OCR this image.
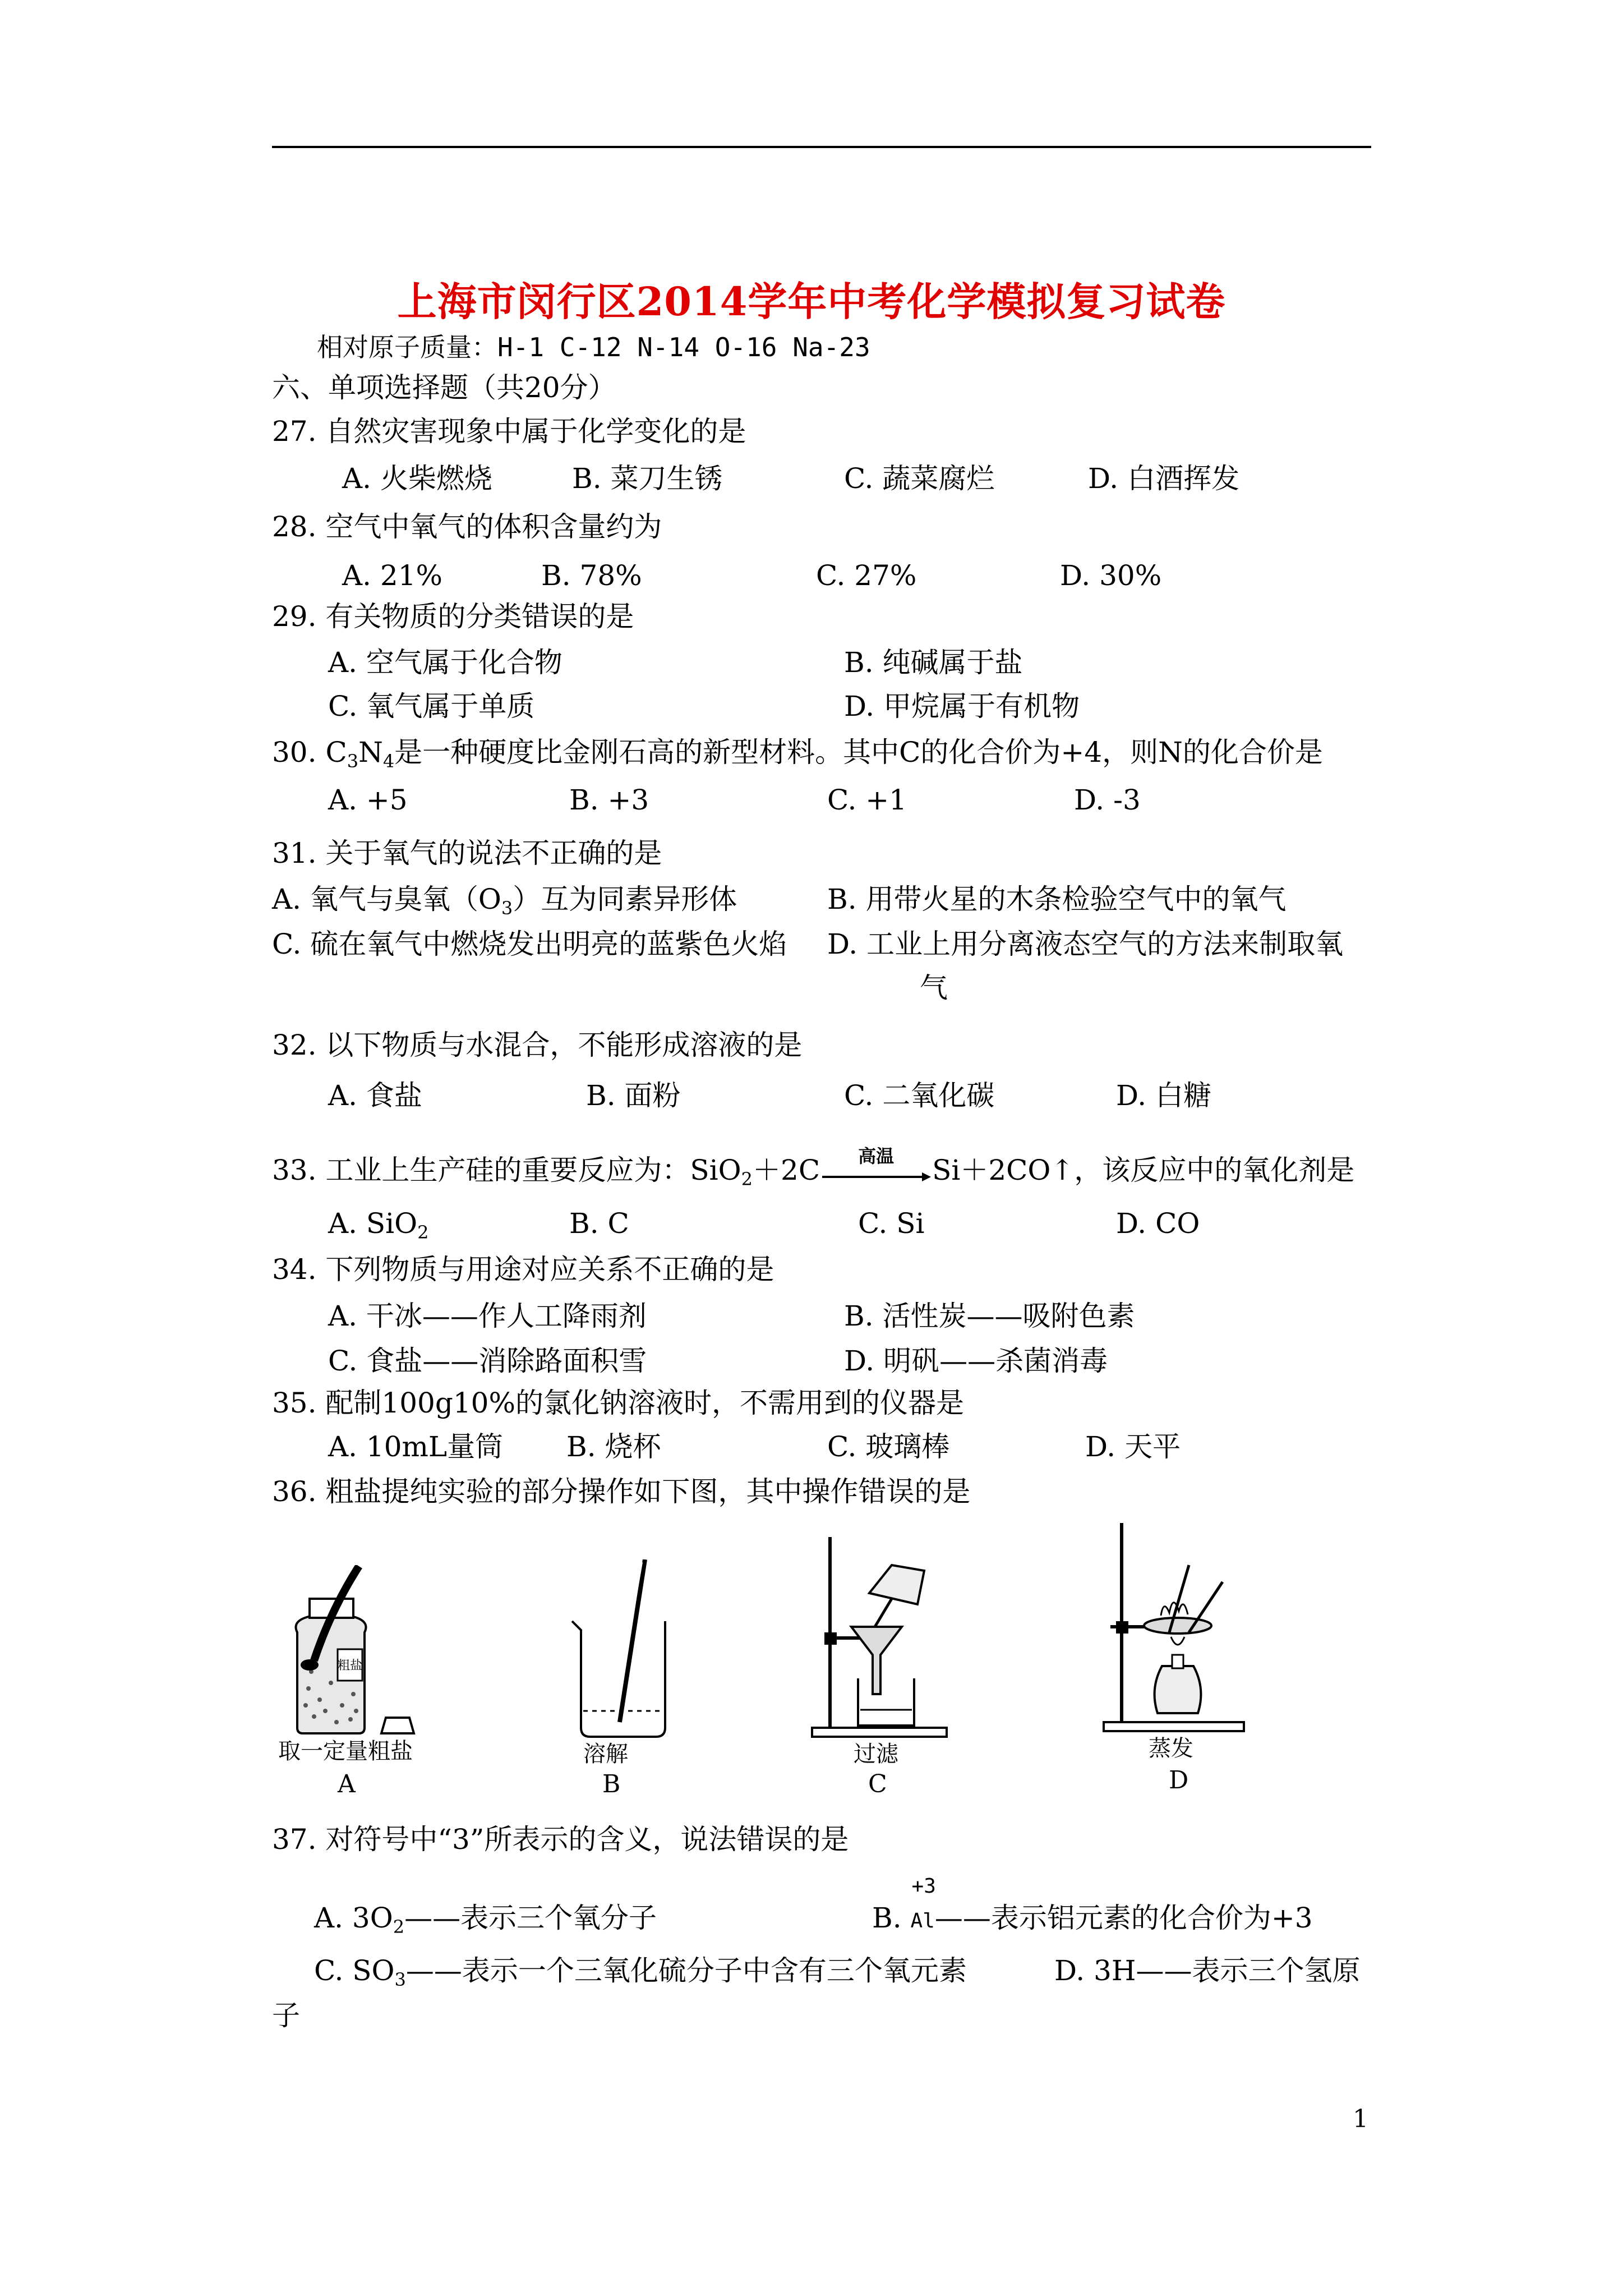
上海市闵行区2014学年中考化学模拟复习试卷
相对原子质量：H-1 C-12 N-14 O-16 Na-23
六、单项选择题（共20分）
27. 自然灾害现象中属于化学变化的是
A. 火柴燃烧	B. 菜刀生锈	C. 蔬菜腐烂	D. 白酒挥发
28. 空气中氧气的体积含量约为
A. 21%	B. 78%	C. 27%	D. 30%
29. 有关物质的分类错误的是
A. 空气属于化合物	B. 纯碱属于盐
C. 氧气属于单质	D. 甲烷属于有机物
30. $C_3N_4$是一种硬度比金刚石高的新型材料。其中C的化合价为+4，则N的化合价是
A. +5	B. +3	C. +1	D. -3
31. 关于氧气的说法不正确的是
A. 氧气与臭氧$(O_3)$互为同素异形体	B. 用带火星的木条检验空气中的氧气
C. 硫在氧气中燃烧发出明亮的蓝紫色火焰 D. 工业上用分离液态空气的方法来制取氧
气
32. 以下物质与水混合，不能形成溶液的是
A. 食盐	B. 面粉	C. 二氧化碳	D. 白糖
33. 工业上生产硅的重要反应为：SiO$_2$＋2C	高温	Si＋2CO↑，该反应中的氧化剂是
A. SiO$_2$	B. C	C. Si	D. CO
34. 下列物质与用途对应关系不正确的是
A. 干冰——作人工降雨剂	B. 活性炭——吸附色素
C. 食盐——消除路面积雪	D. 明矾——杀菌消毒
35. 配制100g10%的氯化钠溶液时，不需用到的仪器是
A. 10mL量筒 B. 烧杯	C. 玻璃棒	D. 天平
36. 粗盐提纯实验的部分操作如下图，其中操作错误的是
粗盐
取一定量粗盐
A
溶解
B
过滤
C
蒸发
D
37. 对符号中“3”所表示的含义，说法错误的是
A. $3O_2——$表示三个氧分子	B.
+3
Al——表示铝元素的化合价为+3
C. $SO_3——$表示一个三氧化硫分子中含有三个氧元素	D. 3H——表示三个氢原
子
1
